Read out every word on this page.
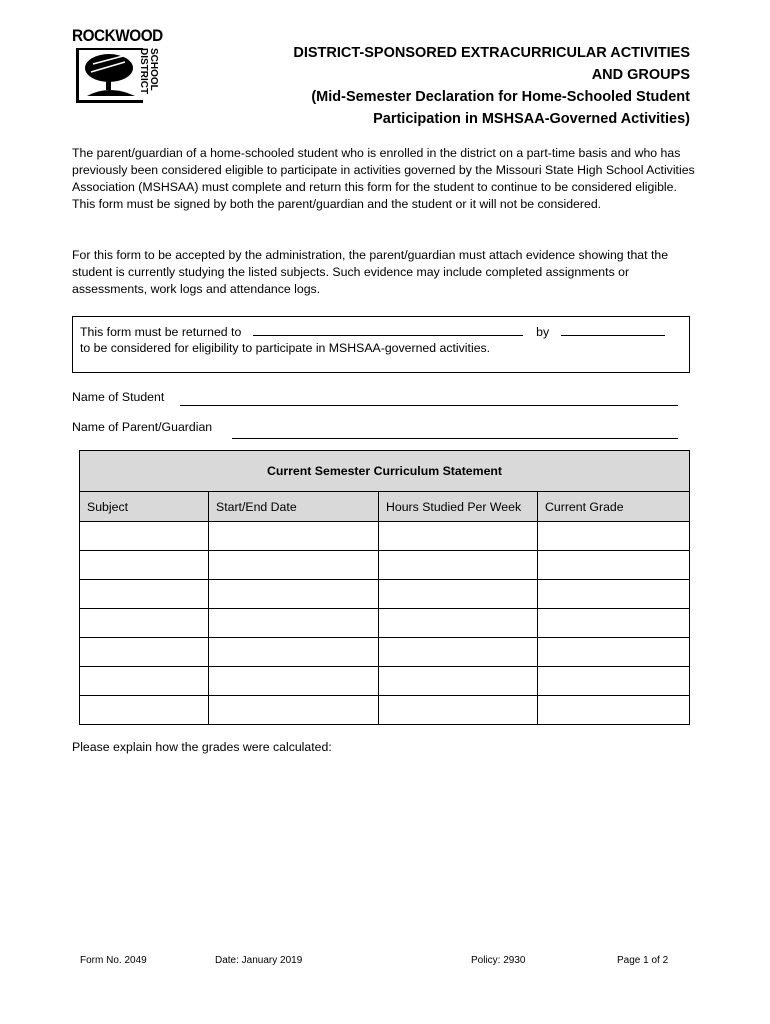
ROCKWOOD
SCHOOL DISTRICT	DISTRICT-SPONSORED EXTRACURRICULAR ACTIVITIES
AND GROUPS
(Mid-Semester Declaration for Home-Schooled Student
Participation in MSHSAA-Governed Activities)
The parent/guardian of a home-schooled student who is enrolled in the district on a part-time basis and who has previously been considered eligible to participate in activities governed by the Missouri State High School Activities Association (MSHSAA) must complete and return this form for the student to continue to be considered eligible. This form must be signed by both the parent/guardian and the student or it will not be considered.
For this form to be accepted by the administration, the parent/guardian must attach evidence showing that the student is currently studying the listed subjects. Such evidence may include completed assignments or assessments, work logs and attendance logs.
This form must be returned to	by
to be considered for eligibility to participate in MSHSAA-governed activities.
Name of Student
Name of Parent/Guardian
Current Semester Curriculum Statement			
Subject	Start/End Date	Hours Studied Per Week	Current Grade

Please explain how the grades were calculated:
Form No. 2049	Date: January 2019	Policy: 2930	Page 1 of 2
